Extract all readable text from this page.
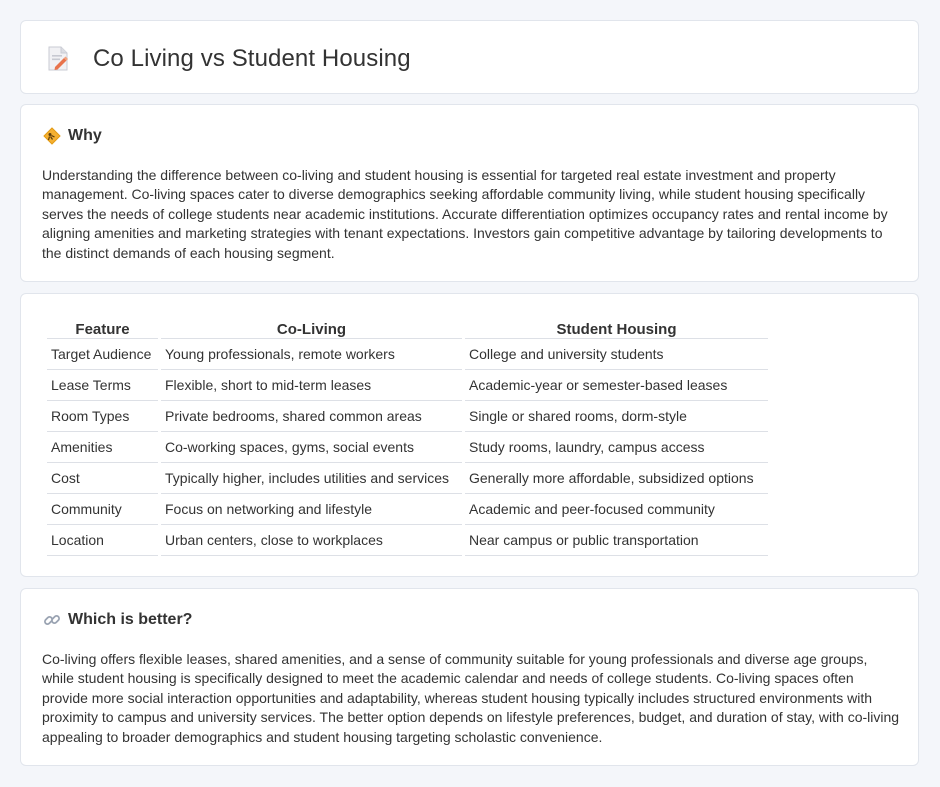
Co Living vs Student Housing
Why

Understanding the difference between co-living and student housing is essential for targeted real estate investment and property management. Co-living spaces cater to diverse demographics seeking affordable community living, while student housing specifically serves the needs of college students near academic institutions. Accurate differentiation optimizes occupancy rates and rental income by aligning amenities and marketing strategies with tenant expectations. Investors gain competitive advantage by tailoring developments to the distinct demands of each housing segment.

Feature	Co-Living	Student Housing
Target Audience	Young professionals, remote workers	College and university students
Lease Terms	Flexible, short to mid-term leases	Academic-year or semester-based leases
Room Types	Private bedrooms, shared common areas	Single or shared rooms, dorm-style
Amenities	Co-working spaces, gyms, social events	Study rooms, laundry, campus access
Cost	Typically higher, includes utilities and services	Generally more affordable, subsidized options
Community	Focus on networking and lifestyle	Academic and peer-focused community
Location	Urban centers, close to workplaces	Near campus or public transportation
Which is better?

Co-living offers flexible leases, shared amenities, and a sense of community suitable for young professionals and diverse age groups, while student housing is specifically designed to meet the academic calendar and needs of college students. Co-living spaces often provide more social interaction opportunities and adaptability, whereas student housing typically includes structured environments with proximity to campus and university services. The better option depends on lifestyle preferences, budget, and duration of stay, with co-living appealing to broader demographics and student housing targeting scholastic convenience.
